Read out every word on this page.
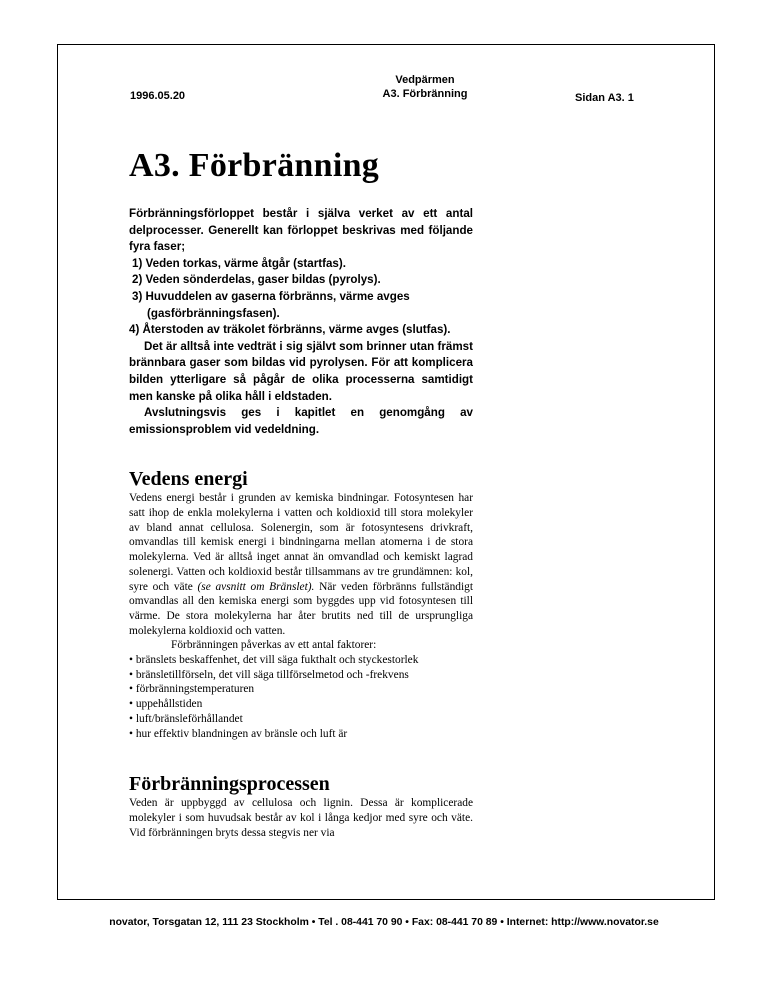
1996.05.20
Vedpärmen
A3. Förbränning	Sidan A3. 1
A3. Förbränning

Förbränningsförloppet består i själva verket av ett antal delprocesser. Generellt kan förloppet beskrivas med följande fyra faser;

1) Veden torkas, värme åtgår (startfas).

2) Veden sönderdelas, gaser bildas (pyrolys).

3) Huvuddelen av gaserna förbränns, värme avges

(gasförbränningsfasen).

4) Återstoden av träkolet förbränns, värme avges (slutfas).

Det är alltså inte vedträt i sig självt som brinner utan främst brännbara gaser som bildas vid pyrolysen. För att komplicera bilden ytterligare så pågår de olika processerna samtidigt men kanske på olika håll i eldstaden.

Avslutningsvis ges i kapitlet en genomgång av emissionsproblem vid vedeldning.

Vedens energi

Vedens energi består i grunden av kemiska bindningar. Fotosyntesen har satt ihop de enkla molekylerna i vatten och koldioxid till stora molekyler av bland annat cellulosa. Solenergin, som är fotosyntesens drivkraft, omvandlas till kemisk energi i bindningarna mellan atomerna i de stora molekylerna. Ved är alltså inget annat än omvandlad och kemiskt lagrad solenergi. Vatten och koldioxid består tillsammans av tre grundämnen: kol, syre och väte (se avsnitt om Bränslet). När veden förbränns fullständigt omvandlas all den kemiska energi som byggdes upp vid fotosyntesen till värme. De stora molekylerna har åter brutits ned till de ursprungliga molekylerna koldioxid och vatten.

Förbränningen påverkas av ett antal faktorer:

• bränslets beskaffenhet, det vill säga fukthalt och styckestorlek
• bränsletillförseln, det vill säga tillförselmetod och -frekvens
• förbränningstemperaturen
• uppehållstiden
• luft/bränsleförhållandet
• hur effektiv blandningen av bränsle och luft är
Förbränningsprocessen

Veden är uppbyggd av cellulosa och lignin. Dessa är komplicerade molekyler i som huvudsak består av kol i långa kedjor med syre och väte. Vid förbränningen bryts dessa stegvis ner via

novator, Torsgatan 12, 111 23 Stockholm • Tel . 08-441 70 90 • Fax: 08-441 70 89 • Internet: http://www.novator.se
